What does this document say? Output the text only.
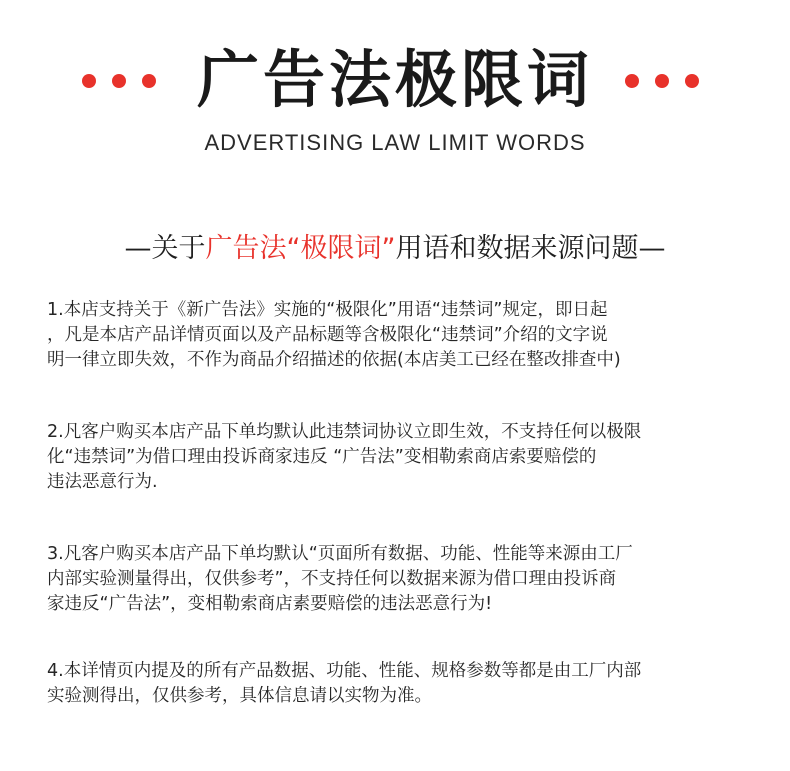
广告法极限词
ADVERTISING LAW LIMIT WORDS
—关于广告法“极限词”用语和数据来源问题—
1.本店支持关于《新广告法》实施的“极限化”用语“违禁词”规定，即日起
，凡是本店产品详情页面以及产品标题等含极限化“违禁词”介绍的文字说
明一律立即失效，不作为商品介绍描述的依据(本店美工已经在整改排查中)
2.凡客户购买本店产品下单均默认此违禁词协议立即生效，不支持任何以极限
化“违禁词”为借口理由投诉商家违反 “广告法”变相勒索商店索要赔偿的
违法恶意行为.
3.凡客户购买本店产品下单均默认“页面所有数据、功能、性能等来源由工厂
内部实验测量得出，仅供参考”，不支持任何以数据来源为借口理由投诉商
家违反“广告法”，变相勒索商店素要赔偿的违法恶意行为!
4.本详情页内提及的所有产品数据、功能、性能、规格参数等都是由工厂内部
实验测得出，仅供参考，具体信息请以实物为准。
